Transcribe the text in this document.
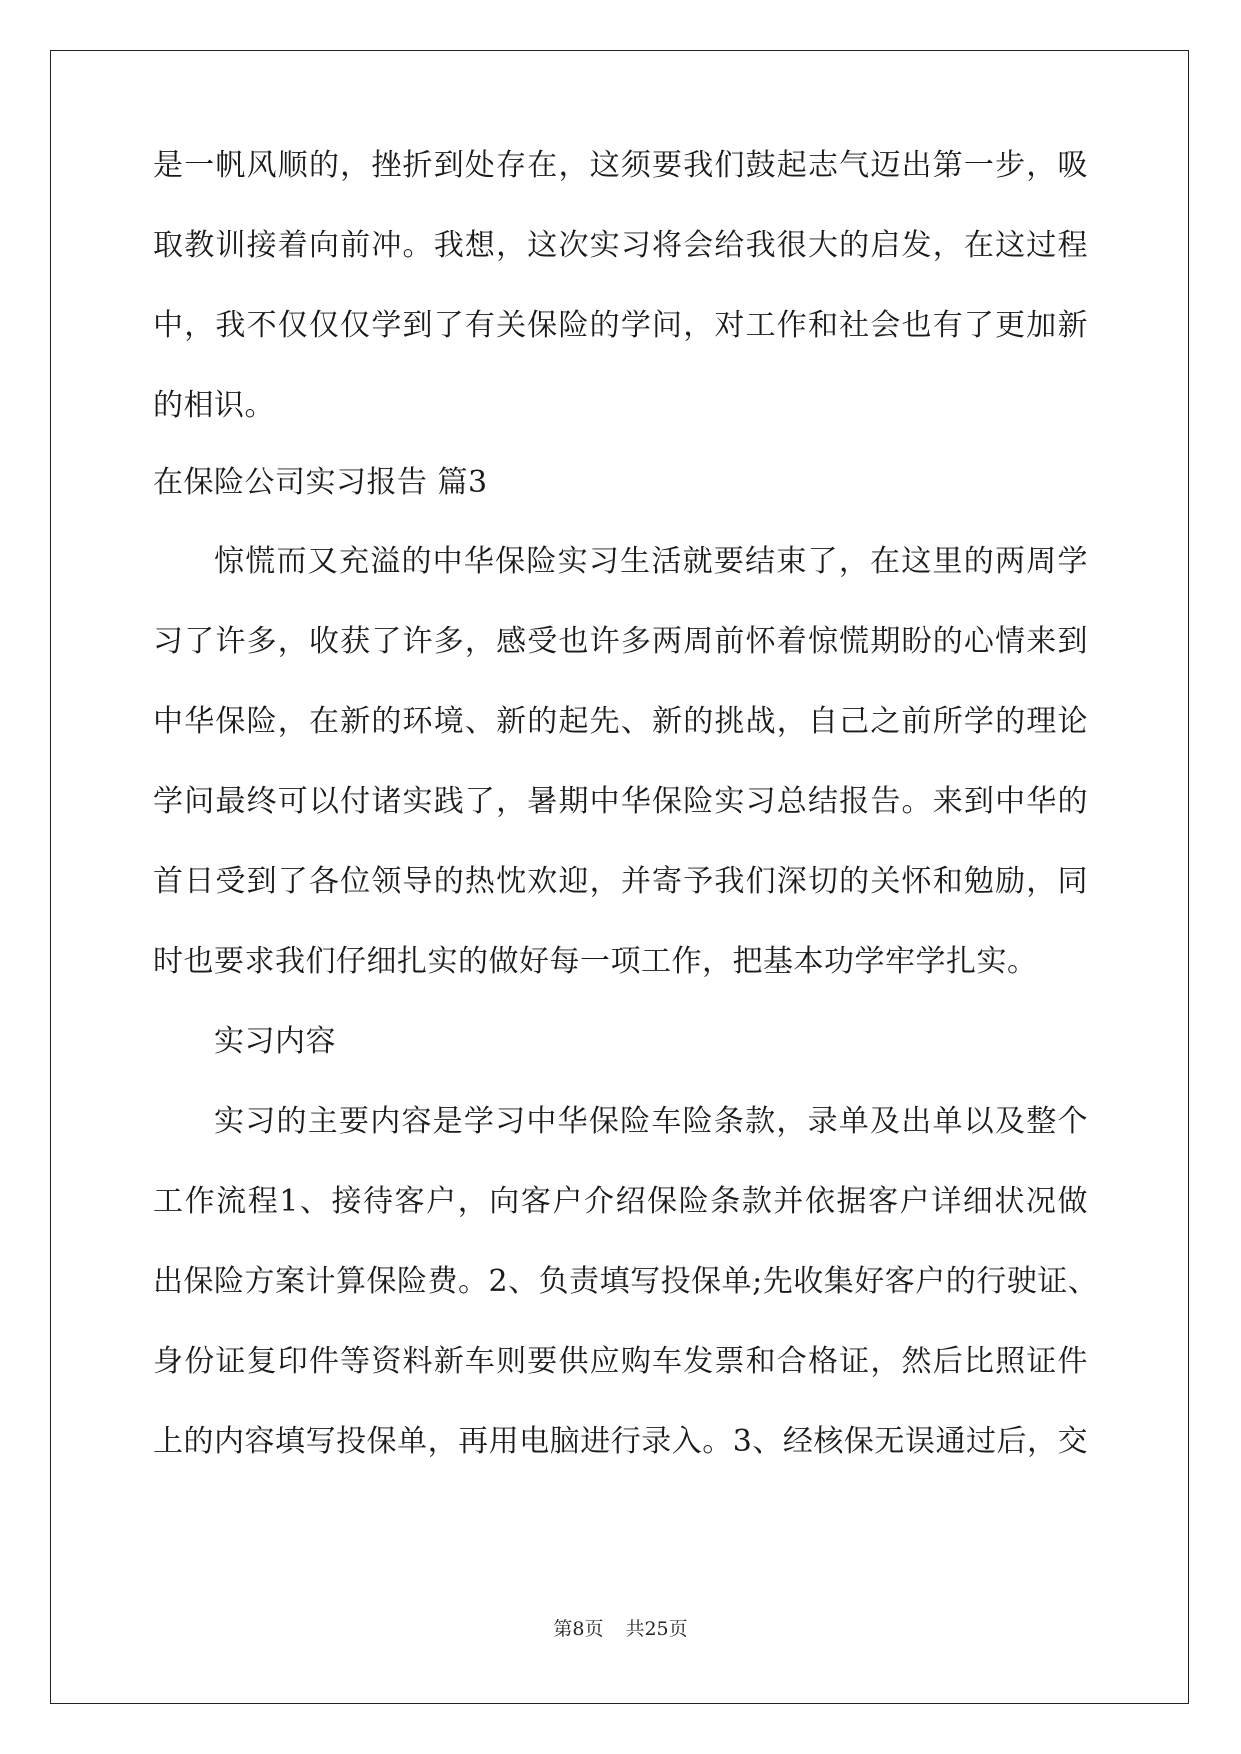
是一帆风顺的，挫折到处存在，这须要我们鼓起志气迈出第一步，吸
取教训接着向前冲。我想，这次实习将会给我很大的启发，在这过程
中，我不仅仅仅学到了有关保险的学问，对工作和社会也有了更加新
的相识。
在保险公司实习报告 篇3
惊慌而又充溢的中华保险实习生活就要结束了，在这里的两周学
习了许多，收获了许多，感受也许多两周前怀着惊慌期盼的心情来到
中华保险，在新的环境、新的起先、新的挑战，自己之前所学的理论
学问最终可以付诸实践了，暑期中华保险实习总结报告。来到中华的
首日受到了各位领导的热忱欢迎，并寄予我们深切的关怀和勉励，同
时也要求我们仔细扎实的做好每一项工作，把基本功学牢学扎实。
实习内容
实习的主要内容是学习中华保险车险条款，录单及出单以及整个
工作流程1、接待客户，向客户介绍保险条款并依据客户详细状况做
出保险方案计算保险费。2、负责填写投保单;先收集好客户的行驶证、
身份证复印件等资料新车则要供应购车发票和合格证，然后比照证件
上的内容填写投保单，再用电脑进行录入。3、经核保无误通过后，交
第8页 共25页
